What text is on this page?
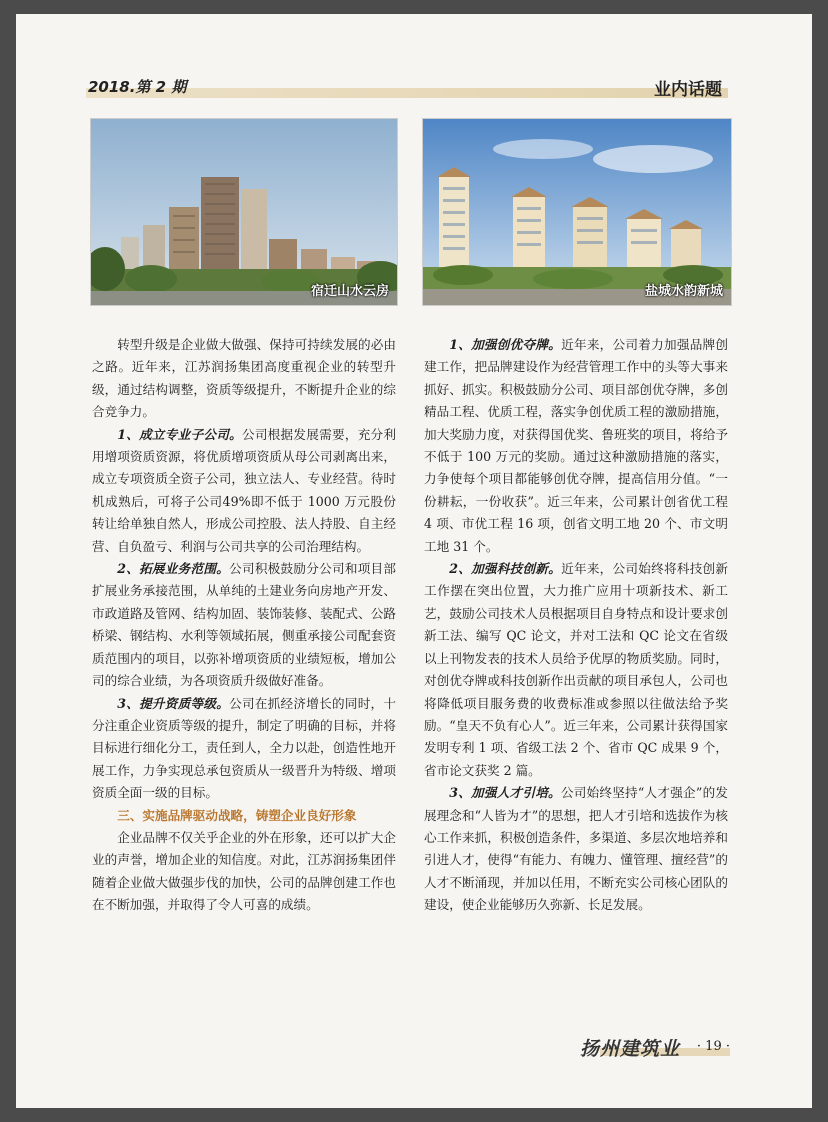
2018.第 2 期	业内话题
宿迁山水云房	盐城水韵新城

转型升级是企业做大做强、保持可持续发展的必由之路。近年来，江苏润扬集团高度重视企业的转型升级，通过结构调整，资质等级提升，不断提升企业的综合竞争力。

1、成立专业子公司。公司根据发展需要，充分利用增项资质资源，将优质增项资质从母公司剥离出来，成立专项资质全资子公司，独立法人、专业经营。待时机成熟后，可将子公司49%即不低于 1000 万元股份转让给单独自然人，形成公司控股、法人持股、自主经营、自负盈亏、利润与公司共享的公司治理结构。

2、拓展业务范围。公司积极鼓励分公司和项目部扩展业务承接范围，从单纯的土建业务向房地产开发、市政道路及管网、结构加固、装饰装修、装配式、公路桥梁、钢结构、水利等领域拓展，侧重承接公司配套资质范围内的项目，以弥补增项资质的业绩短板，增加公司的综合业绩，为各项资质升级做好准备。

3、提升资质等级。公司在抓经济增长的同时，十分注重企业资质等级的提升，制定了明确的目标，并将目标进行细化分工，责任到人，全力以赴，创造性地开展工作，力争实现总承包资质从一级晋升为特级、增项资质全面一级的目标。

三、实施品牌驱动战略，铸塑企业良好形象

企业品牌不仅关乎企业的外在形象，还可以扩大企业的声誉，增加企业的知信度。对此，江苏润扬集团伴随着企业做大做强步伐的加快，公司的品牌创建工作也在不断加强，并取得了令人可喜的成绩。

1、加强创优夺牌。近年来，公司着力加强品牌创建工作，把品牌建设作为经营管理工作中的头等大事来抓好、抓实。积极鼓励分公司、项目部创优夺牌，多创精品工程、优质工程，落实争创优质工程的激励措施，加大奖励力度，对获得国优奖、鲁班奖的项目，将给予不低于 100 万元的奖励。通过这种激励措施的落实，力争使每个项目都能够创优夺牌，提高信用分值。“一份耕耘，一份收获”。近三年来，公司累计创省优工程 4 项、市优工程 16 项，创省文明工地 20 个、市文明工地 31 个。

2、加强科技创新。近年来，公司始终将科技创新工作摆在突出位置，大力推广应用十项新技术、新工艺，鼓励公司技术人员根据项目自身特点和设计要求创新工法、编写 QC 论文，并对工法和 QC 论文在省级以上刊物发表的技术人员给予优厚的物质奖励。同时，对创优夺牌或科技创新作出贡献的项目承包人，公司也将降低项目服务费的收费标准或参照以往做法给予奖励。“皇天不负有心人”。近三年来，公司累计获得国家发明专利 1 项、省级工法 2 个、省市 QC 成果 9 个，省市论文获奖 2 篇。

3、加强人才引培。公司始终坚持“人才强企”的发展理念和“人皆为才”的思想，把人才引培和选拔作为核心工作来抓，积极创造条件，多渠道、多层次地培养和引进人才，使得“有能力、有魄力、懂管理、擅经营”的人才不断涌现，并加以任用，不断充实公司核心团队的建设，使企业能够历久弥新、长足发展。

扬州建筑业 · 19 ·
